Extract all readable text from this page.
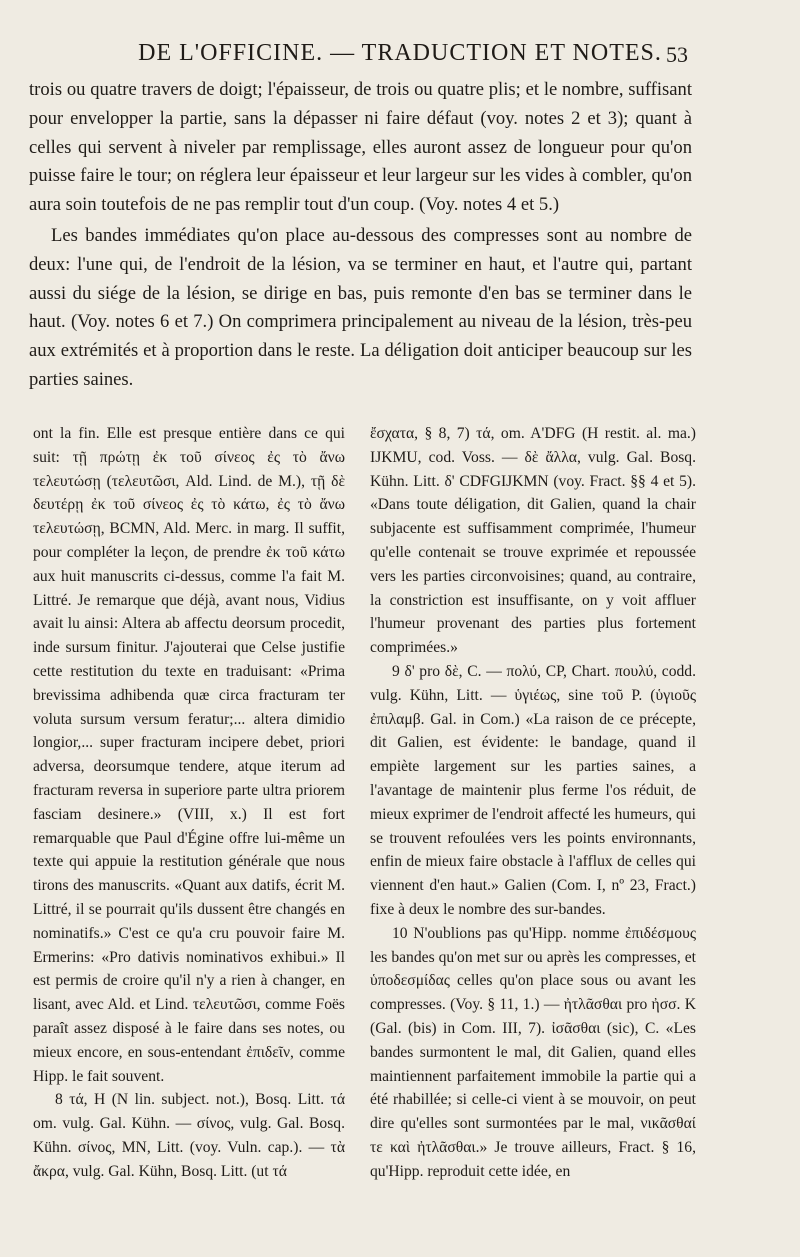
DE L'OFFICINE. — TRADUCTION ET NOTES. 53

trois ou quatre travers de doigt; l'épaisseur, de trois ou quatre plis; et le nombre, suffisant pour envelopper la partie, sans la dépasser ni faire défaut (voy. notes 2 et 3); quant à celles qui servent à niveler par remplissage, elles auront assez de longueur pour qu'on puisse faire le tour; on réglera leur épaisseur et leur largeur sur les vides à combler, qu'on aura soin toutefois de ne pas remplir tout d'un coup. (Voy. notes 4 et 5.)

Les bandes immédiates qu'on place au-dessous des compresses sont au nombre de deux: l'une qui, de l'endroit de la lésion, va se terminer en haut, et l'autre qui, partant aussi du siége de la lésion, se dirige en bas, puis remonte d'en bas se terminer dans le haut. (Voy. notes 6 et 7.) On comprimera principalement au niveau de la lésion, très-peu aux extrémités et à proportion dans le reste. La déligation doit anticiper beaucoup sur les parties saines.

ont la fin. Elle est presque entière dans ce qui suit: τῇ πρώτῃ ἐκ τοῦ σίνεος ἐς τὸ ἄνω τελευτώσῃ (τελευτῶσι, Ald. Lind. de M.), τῇ δὲ δευτέρῃ ἐκ τοῦ σίνεος ἐς τὸ κάτω, ἐς τὸ ἄνω τελευτώσῃ, BCMN, Ald. Merc. in marg. Il suffit, pour compléter la leçon, de prendre ἐκ τοῦ κάτω aux huit manuscrits ci-dessus, comme l'a fait M. Littré. Je remarque que déjà, avant nous, Vidius avait lu ainsi: Altera ab affectu deorsum procedit, inde sursum finitur. J'ajouterai que Celse justifie cette restitution du texte en traduisant: «Prima brevissima adhibenda quæ circa fracturam ter voluta sursum versum feratur;... altera dimidio longior,... super fracturam incipere debet, priori adversa, deorsumque tendere, atque iterum ad fracturam reversa in superiore parte ultra priorem fasciam desinere.» (VIII, x.) Il est fort remarquable que Paul d'Égine offre lui-même un texte qui appuie la restitution générale que nous tirons des manuscrits. «Quant aux datifs, écrit M. Littré, il se pourrait qu'ils dussent être changés en nominatifs.» C'est ce qu'a cru pouvoir faire M. Ermerins: «Pro dativis nominativos exhibui.» Il est permis de croire qu'il n'y a rien à changer, en lisant, avec Ald. et Lind. τελευτῶσι, comme Foës paraît assez disposé à le faire dans ses notes, ou mieux encore, en sous-entendant ἐπιδεῖν, comme Hipp. le fait souvent.

8 τά, H (N lin. subject. not.), Bosq. Litt. τά om. vulg. Gal. Kühn. — σίνος, vulg. Gal. Bosq. Kühn. σίνος, MN, Litt. (voy. Vuln. cap.). — τὰ ἄκρα, vulg. Gal. Kühn, Bosq. Litt. (ut τά

ἔσχατα, § 8, 7) τά, om. A'DFG (H restit. al. ma.) IJKMU, cod. Voss. — δὲ ἄλλα, vulg. Gal. Bosq. Kühn. Litt. δ' CDFGIJKMN (voy. Fract. §§ 4 et 5). «Dans toute déligation, dit Galien, quand la chair subjacente est suffisamment comprimée, l'humeur qu'elle contenait se trouve exprimée et repoussée vers les parties circonvoisines; quand, au contraire, la constriction est insuffisante, on y voit affluer l'humeur provenant des parties plus fortement comprimées.»

9 δ' pro δὲ, C. — πολύ, CP, Chart. πουλύ, codd. vulg. Kühn, Litt. — ὑγιέως, sine τοῦ P. (ὑγιοῦς ἐπιλαμβ. Gal. in Com.) «La raison de ce précepte, dit Galien, est évidente: le bandage, quand il empiète largement sur les parties saines, a l'avantage de maintenir plus ferme l'os réduit, de mieux exprimer de l'endroit affecté les humeurs, qui se trouvent refoulées vers les points environnants, enfin de mieux faire obstacle à l'afflux de celles qui viennent d'en haut.» Galien (Com. I, nº 23, Fract.) fixe à deux le nombre des sur-bandes.

10 N'oublions pas qu'Hipp. nomme ἐπιδέσμους les bandes qu'on met sur ou après les compresses, et ὑποδεσμίδας celles qu'on place sous ou avant les compresses. (Voy. § 11, 1.) — ἠτλᾶσθαι pro ἠσσ. K (Gal. (bis) in Com. III, 7). ἰσᾶσθαι (sic), C. «Les bandes surmontent le mal, dit Galien, quand elles maintiennent parfaitement immobile la partie qui a été rhabillée; si celle-ci vient à se mouvoir, on peut dire qu'elles sont surmontées par le mal, νικᾶσθαί τε καὶ ἠτλᾶσθαι.» Je trouve ailleurs, Fract. § 16, qu'Hipp. reproduit cette idée, en
